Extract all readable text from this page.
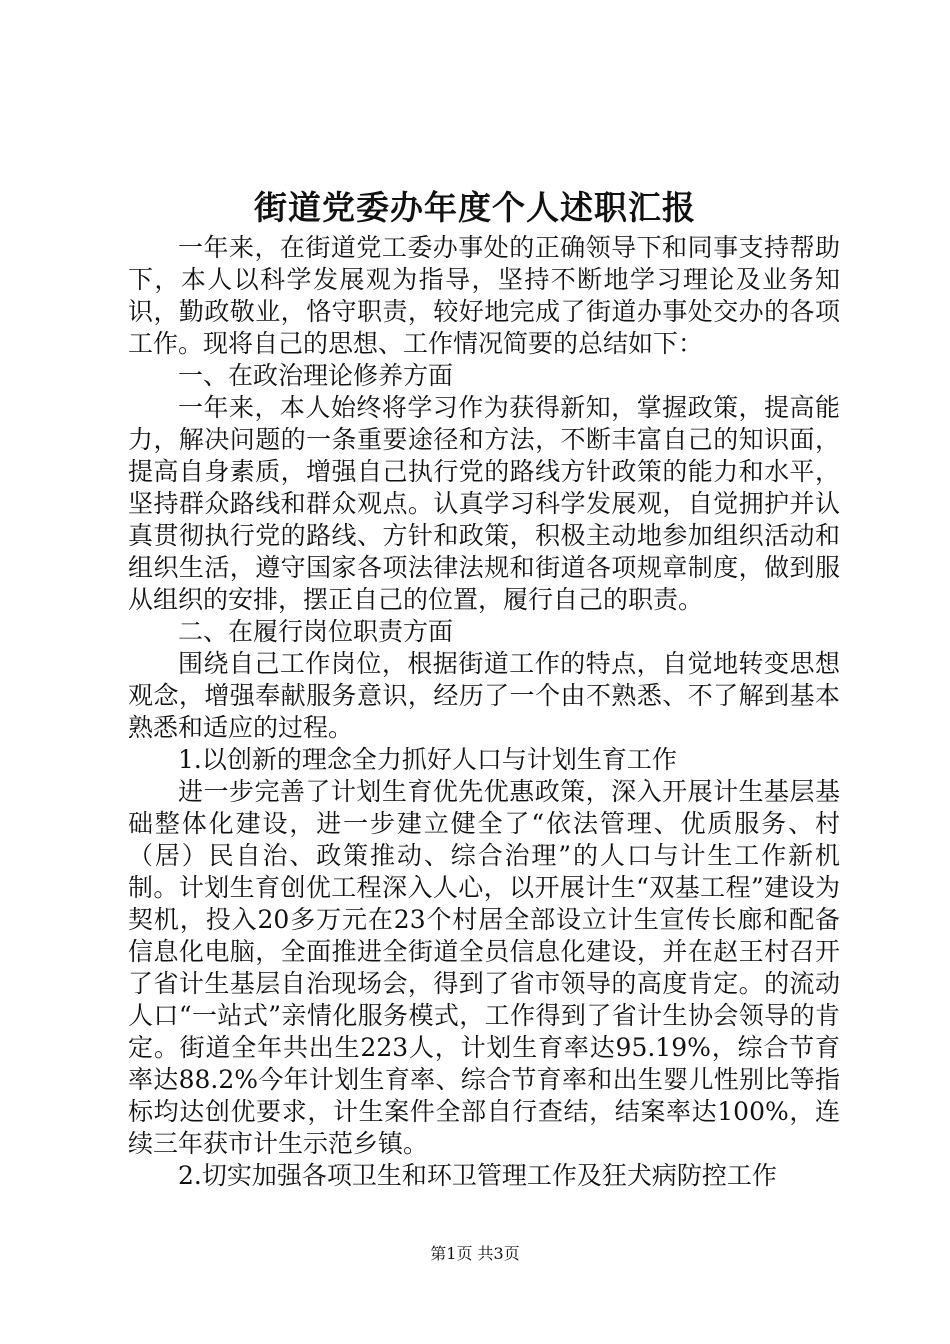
街道党委办年度个人述职汇报

一年来，在街道党工委办事处的正确领导下和同事支持帮助下，本人以科学发展观为指导，坚持不断地学习理论及业务知识，勤政敬业，恪守职责，较好地完成了街道办事处交办的各项工作。现将自己的思想、工作情况简要的总结如下：

一、在政治理论修养方面

一年来，本人始终将学习作为获得新知，掌握政策，提高能力，解决问题的一条重要途径和方法，不断丰富自己的知识面，提高自身素质，增强自己执行党的路线方针政策的能力和水平，坚持群众路线和群众观点。认真学习科学发展观，自觉拥护并认真贯彻执行党的路线、方针和政策，积极主动地参加组织活动和组织生活，遵守国家各项法律法规和街道各项规章制度，做到服从组织的安排，摆正自己的位置，履行自己的职责。

二、在履行岗位职责方面

围绕自己工作岗位，根据街道工作的特点，自觉地转变思想观念，增强奉献服务意识，经历了一个由不熟悉、不了解到基本熟悉和适应的过程。

1.以创新的理念全力抓好人口与计划生育工作

进一步完善了计划生育优先优惠政策，深入开展计生基层基础整体化建设，进一步建立健全了“依法管理、优质服务、村（居）民自治、政策推动、综合治理”的人口与计生工作新机制。计划生育创优工程深入人心，以开展计生“双基工程”建设为契机，投入20多万元在23个村居全部设立计生宣传长廊和配备信息化电脑，全面推进全街道全员信息化建设，并在赵王村召开了省计生基层自治现场会，得到了省市领导的高度肯定。的流动人口“一站式”亲情化服务模式，工作得到了省计生协会领导的肯定。街道全年共出生223人，计划生育率达95.19%，综合节育率达88.2%今年计划生育率、综合节育率和出生婴儿性别比等指标均达创优要求，计生案件全部自行查结，结案率达100%，连续三年获市计生示范乡镇。

2.切实加强各项卫生和环卫管理工作及狂犬病防控工作

第1页 共3页
